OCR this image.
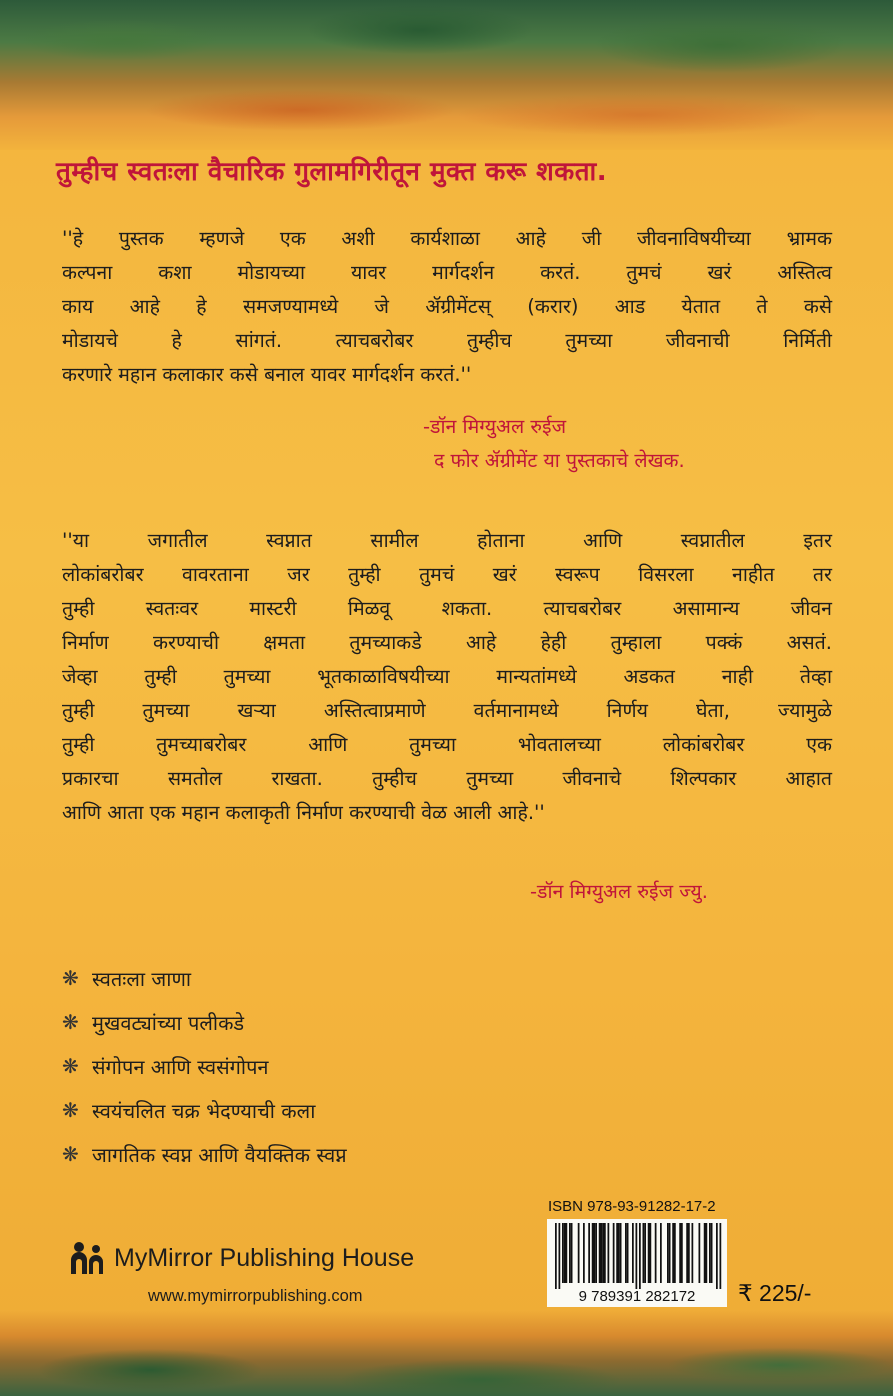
तुम्हीच स्वतःला वैचारिक गुलामगिरीतून मुक्त करू शकता.
''हे पुस्तक म्हणजे एक अशी कार्यशाळा आहे जी जीवनाविषयीच्या भ्रामक
कल्पना कशा मोडायच्या यावर मार्गदर्शन करतं. तुमचं खरं अस्तित्व
काय आहे हे समजण्यामध्ये जे ॲग्रीमेंटस् (करार) आड येतात ते कसे
मोडायचे हे सांगतं. त्याचबरोबर तुम्हीच तुमच्या जीवनाची निर्मिती
करणारे महान कलाकार कसे बनाल यावर मार्गदर्शन करतं.''
-डॉन मिग्युअल रुईज
द फोर ॲग्रीमेंट या पुस्तकाचे लेखक.
''या जगातील स्वप्नात सामील होताना आणि स्वप्नातील इतर
लोकांबरोबर वावरताना जर तुम्ही तुमचं खरं स्वरूप विसरला नाहीत तर
तुम्ही स्वतःवर मास्टरी मिळवू शकता. त्याचबरोबर असामान्य जीवन
निर्माण करण्याची क्षमता तुमच्याकडे आहे हेही तुम्हाला पक्कं असतं.
जेव्हा तुम्ही तुमच्या भूतकाळाविषयीच्या मान्यतांमध्ये अडकत नाही तेव्हा
तुम्ही तुमच्या खऱ्या अस्तित्वाप्रमाणे वर्तमानामध्ये निर्णय घेता, ज्यामुळे
तुम्ही तुमच्याबरोबर आणि तुमच्या भोवतालच्या लोकांबरोबर एक
प्रकारचा समतोल राखता. तुम्हीच तुमच्या जीवनाचे शिल्पकार आहात
आणि आता एक महान कलाकृती निर्माण करण्याची वेळ आली आहे.''
-डॉन मिग्युअल रुईज ज्यु.
❋ स्वतःला जाणा
❋ मुखवट्यांच्या पलीकडे
❋ संगोपन आणि स्वसंगोपन
❋ स्वयंचलित चक्र भेदण्याची कला
❋ जागतिक स्वप्न आणि वैयक्तिक स्वप्न
MyMirror Publishing House
www.mymirrorpublishing.com
ISBN 978-93-91282-17-2
9 789391 282172 ₹ 225/-
